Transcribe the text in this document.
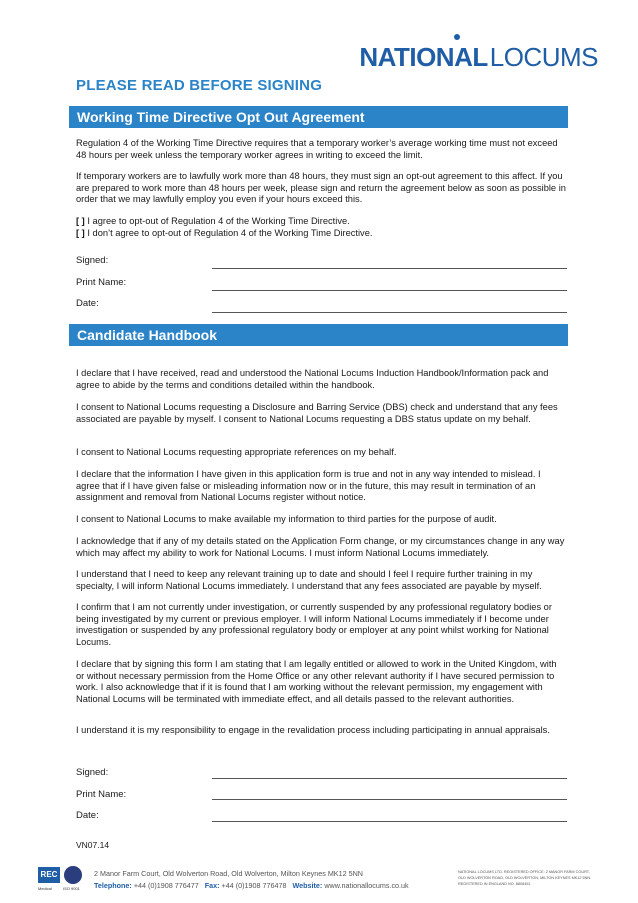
NATIONALLOCUMS
PLEASE READ BEFORE SIGNING
Working Time Directive Opt Out Agreement
Regulation 4 of the Working Time Directive requires that a temporary worker’s average working time must not exceed 48 hours per week unless the temporary worker agrees in writing to exceed the limit.
If temporary workers are to lawfully work more than 48 hours, they must sign an opt-out agreement to this affect. If you are prepared to work more than 48 hours per week, please sign and return the agreement below as soon as possible in order that we may lawfully employ you even if your hours exceed this.
[ ] I agree to opt-out of Regulation 4 of the Working Time Directive.
[ ] I don’t agree to opt-out of Regulation 4 of the Working Time Directive.
Signed:
Print Name:
Date:
Candidate Handbook
I declare that I have received, read and understood the National Locums Induction Handbook/Information pack and agree to abide by the terms and conditions detailed within the handbook.
I consent to National Locums requesting a Disclosure and Barring Service (DBS) check and understand that any fees associated are payable by myself. I consent to National Locums requesting a DBS status update on my behalf.
I consent to National Locums requesting appropriate references on my behalf.
I declare that the information I have given in this application form is true and not in any way intended to mislead. I agree that if I have given false or misleading information now or in the future, this may result in termination of an assignment and removal from National Locums register without notice.
I consent to National Locums to make available my information to third parties for the purpose of audit.
I acknowledge that if any of my details stated on the Application Form change, or my circumstances change in any way which may affect my ability to work for National Locums. I must inform National Locums immediately.
I understand that I need to keep any relevant training up to date and should I feel I require further training in my specialty, I will inform National Locums immediately. I understand that any fees associated are payable by myself.
I confirm that I am not currently under investigation, or currently suspended by any professional regulatory bodies or being investigated by my current or previous employer. I will inform National Locums immediately if I become under investigation or suspended by any professional regulatory body or employer at any point whilst working for National Locums.
I declare that by signing this form I am stating that I am legally entitled or allowed to work in the United Kingdom, with or without necessary permission from the Home Office or any other relevant authority if I have secured permission to work. I also acknowledge that if it is found that I am working without the relevant permission, my engagement with National Locums will be terminated with immediate effect, and all details passed to the relevant authorities.
I understand it is my responsibility to engage in the revalidation process including participating in annual appraisals.
Signed:
Print Name:
Date:
VN07.14
REC
Medical	ISO 9001
2 Manor Farm Court, Old Wolverton Road, Old Wolverton, Milton Keynes MK12 5NN
Telephone: +44 (0)1908 776477 Fax: +44 (0)1908 776478 Website: www.nationallocums.co.uk
NATIONAL LOCUMS LTD. REGISTERED OFFICE: 2 MANOR FARM COURT,
OLD WOLVERTON ROAD, OLD WOLVERTON, MILTON KEYNES MK12 5NN.
REGISTERED IN ENGLAND NO. 8808451
